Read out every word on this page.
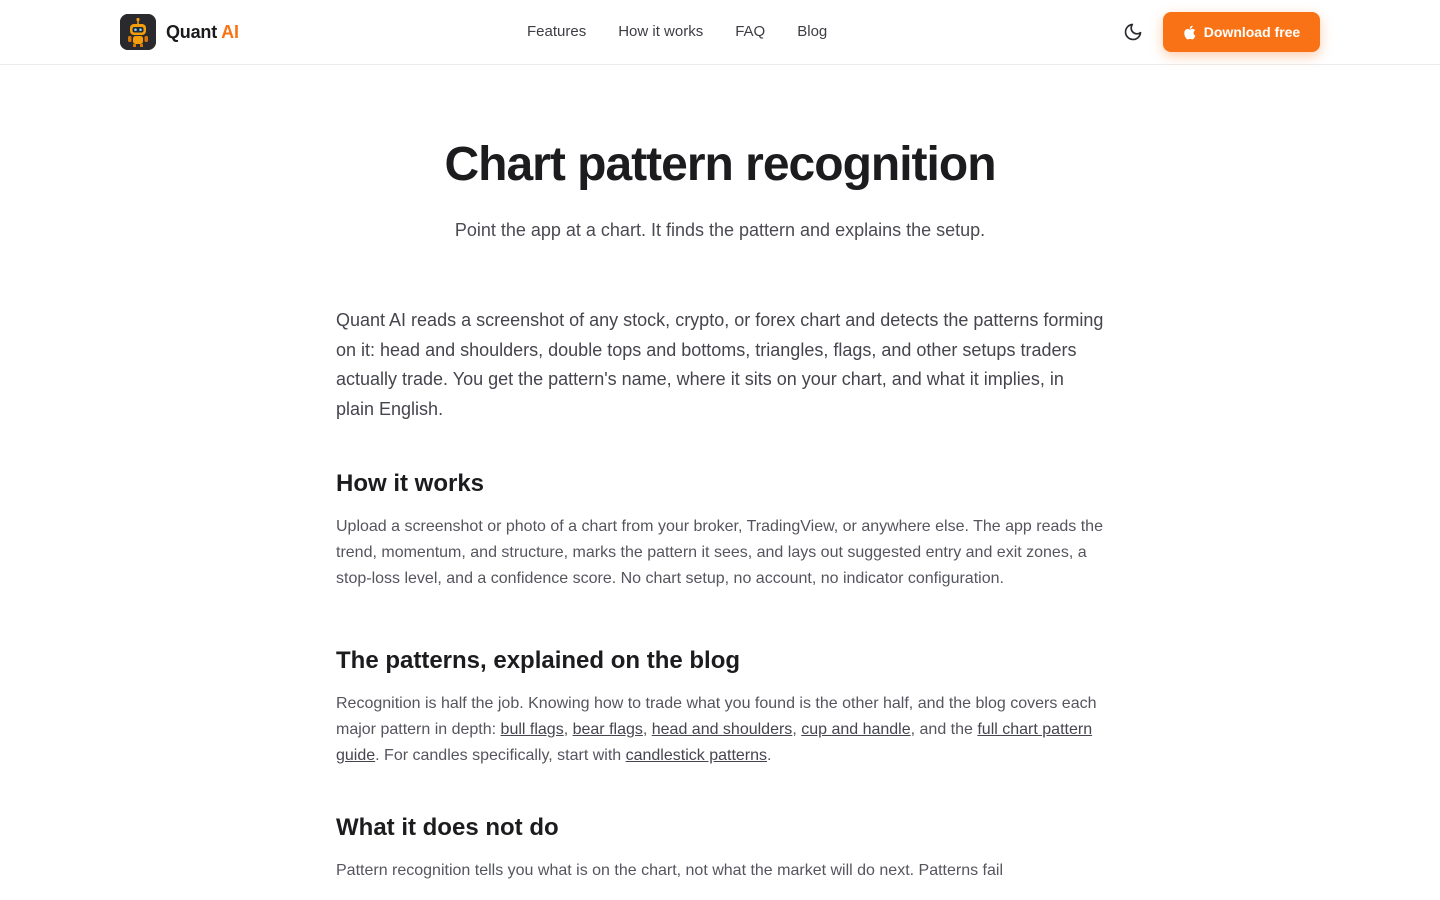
Quant AI	Features How it works FAQ Blog	Download free
Chart pattern recognition

Point the app at a chart. It finds the pattern and explains the setup.

Quant AI reads a screenshot of any stock, crypto, or forex chart and detects the patterns forming on it: head and shoulders, double tops and bottoms, triangles, flags, and other setups traders actually trade. You get the pattern's name, where it sits on your chart, and what it implies, in plain English.

How it works

Upload a screenshot or photo of a chart from your broker, TradingView, or anywhere else. The app reads the trend, momentum, and structure, marks the pattern it sees, and lays out suggested entry and exit zones, a stop-loss level, and a confidence score. No chart setup, no account, no indicator configuration.

The patterns, explained on the blog

Recognition is half the job. Knowing how to trade what you found is the other half, and the blog covers each major pattern in depth: bull flags, bear flags, head and shoulders, cup and handle, and the full chart pattern guide. For candles specifically, start with candlestick patterns.

What it does not do

Pattern recognition tells you what is on the chart, not what the market will do next. Patterns fail
